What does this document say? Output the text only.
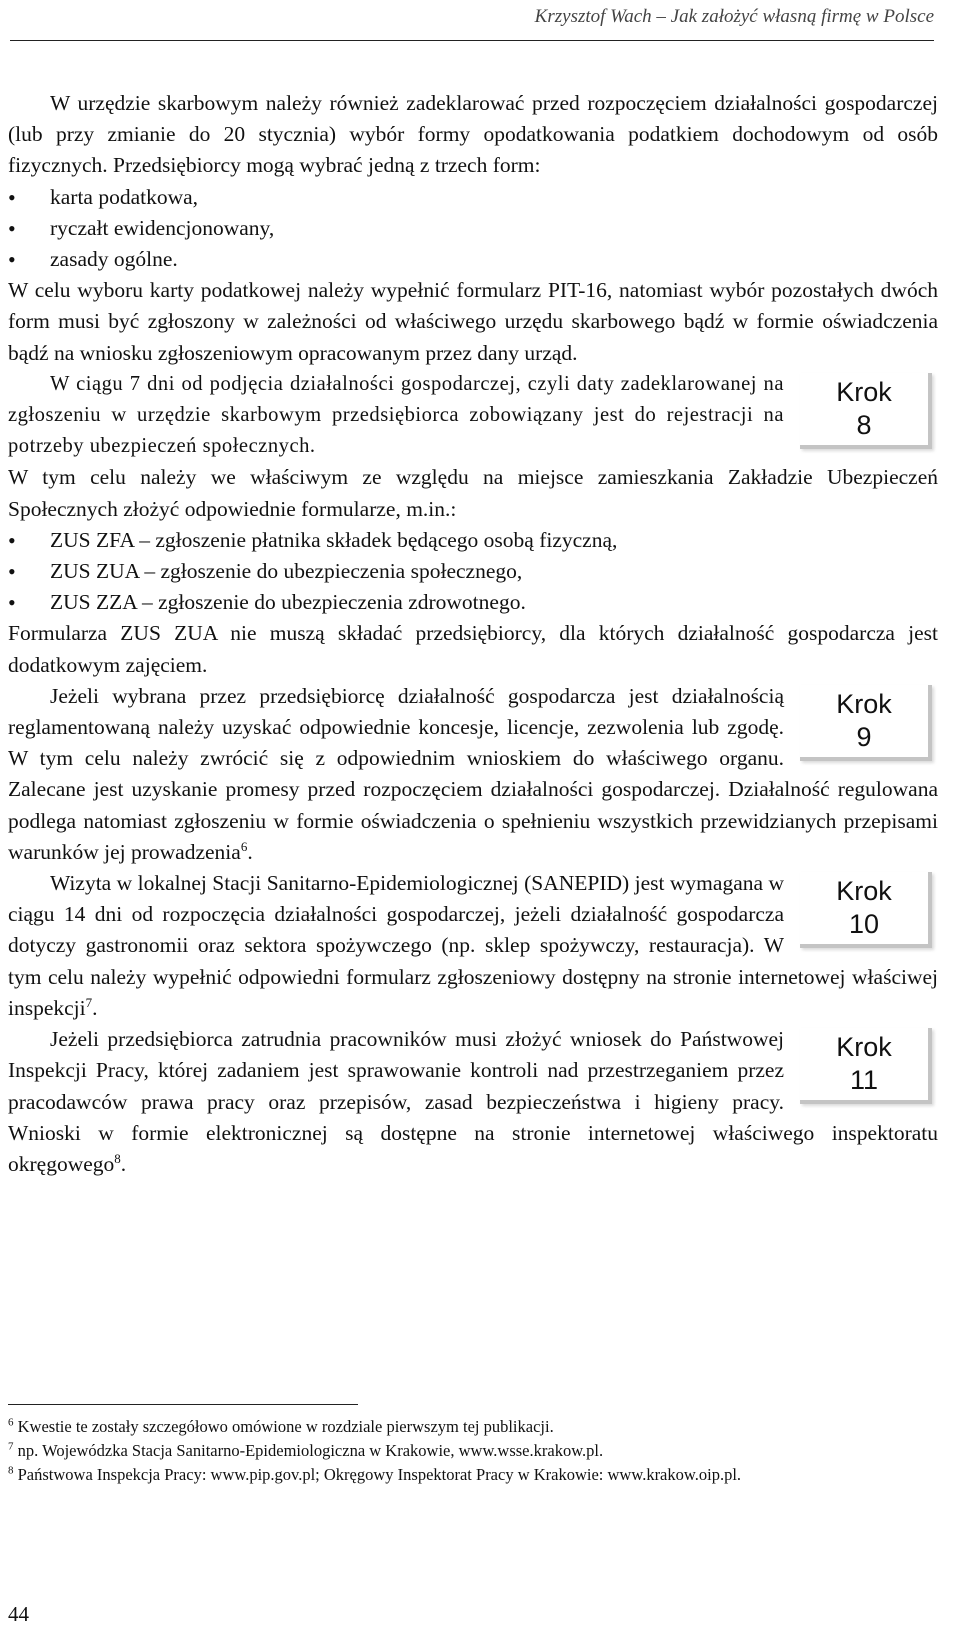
Krzysztof Wach – Jak założyć własną firmę w Polsce

W urzędzie skarbowym należy również zadeklarować przed rozpoczęciem działalności gospodarczej (lub przy zmianie do 20 stycznia) wybór formy opodatkowania podatkiem dochodowym od osób fizycznych. Przedsiębiorcy mogą wybrać jedną z trzech form:

• karta podatkowa,
• ryczałt ewidencjonowany,
• zasady ogólne.

W celu wyboru karty podatkowej należy wypełnić formularz PIT-16, natomiast wybór pozostałych dwóch form musi być zgłoszony w zależności od właściwego urzędu skarbowego bądź w formie oświadczenia bądź na wniosku zgłoszeniowym opracowanym przez dany urząd.

Krok
8

W ciągu 7 dni od podjęcia działalności gospodarczej, czyli daty zadeklarowanej na zgłoszeniu w urzędzie skarbowym przedsiębiorca zobowiązany jest do rejestracji na potrzeby ubezpieczeń społecznych.

W tym celu należy we właściwym ze względu na miejsce zamieszkania Zakładzie Ubezpieczeń Społecznych złożyć odpowiednie formularze, m.in.:

• ZUS ZFA – zgłoszenie płatnika składek będącego osobą fizyczną,
• ZUS ZUA – zgłoszenie do ubezpieczenia społecznego,
• ZUS ZZA – zgłoszenie do ubezpieczenia zdrowotnego.

Formularza ZUS ZUA nie muszą składać przedsiębiorcy, dla których działalność gospodarcza jest dodatkowym zajęciem.

Krok
9

Jeżeli wybrana przez przedsiębiorcę działalność gospodarcza jest działalnością reglamentowaną należy uzyskać odpowiednie koncesje, licencje, zezwolenia lub zgodę. W tym celu należy zwrócić się z odpowiednim wnioskiem do właściwego organu. Zalecane jest uzyskanie promesy przed rozpoczęciem działalności gospodarczej. Działalność regulowana podlega natomiast zgłoszeniu w formie oświadczenia o spełnieniu wszystkich przewidzianych przepisami warunków jej prowadzenia$^6$.

Krok
10

Wizyta w lokalnej Stacji Sanitarno-Epidemiologicznej (SANEPID) jest wymagana w ciągu 14 dni od rozpoczęcia działalności gospodarczej, jeżeli działalność gospodarcza dotyczy gastronomii oraz sektora spożywczego (np. sklep spożywczy, restauracja). W tym celu należy wypełnić odpowiedni formularz zgłoszeniowy dostępny na stronie internetowej właściwej inspekcji$^7$.

Krok
11

Jeżeli przedsiębiorca zatrudnia pracowników musi złożyć wniosek do Państwowej Inspekcji Pracy, której zadaniem jest sprawowanie kontroli nad przestrzeganiem przez pracodawców prawa pracy oraz przepisów, zasad bezpieczeństwa i higieny pracy. Wnioski w formie elektronicznej są dostępne na stronie internetowej właściwego inspektoratu okręgowego$^8$.

$^6$ Kwestie te zostały szczegółowo omówione w rozdziale pierwszym tej publikacji.

$^7$ np. Wojewódzka Stacja Sanitarno-Epidemiologiczna w Krakowie, www.wsse.krakow.pl.

$^8$ Państwowa Inspekcja Pracy: www.pip.gov.pl; Okręgowy Inspektorat Pracy w Krakowie: www.krakow.oip.pl.

44
